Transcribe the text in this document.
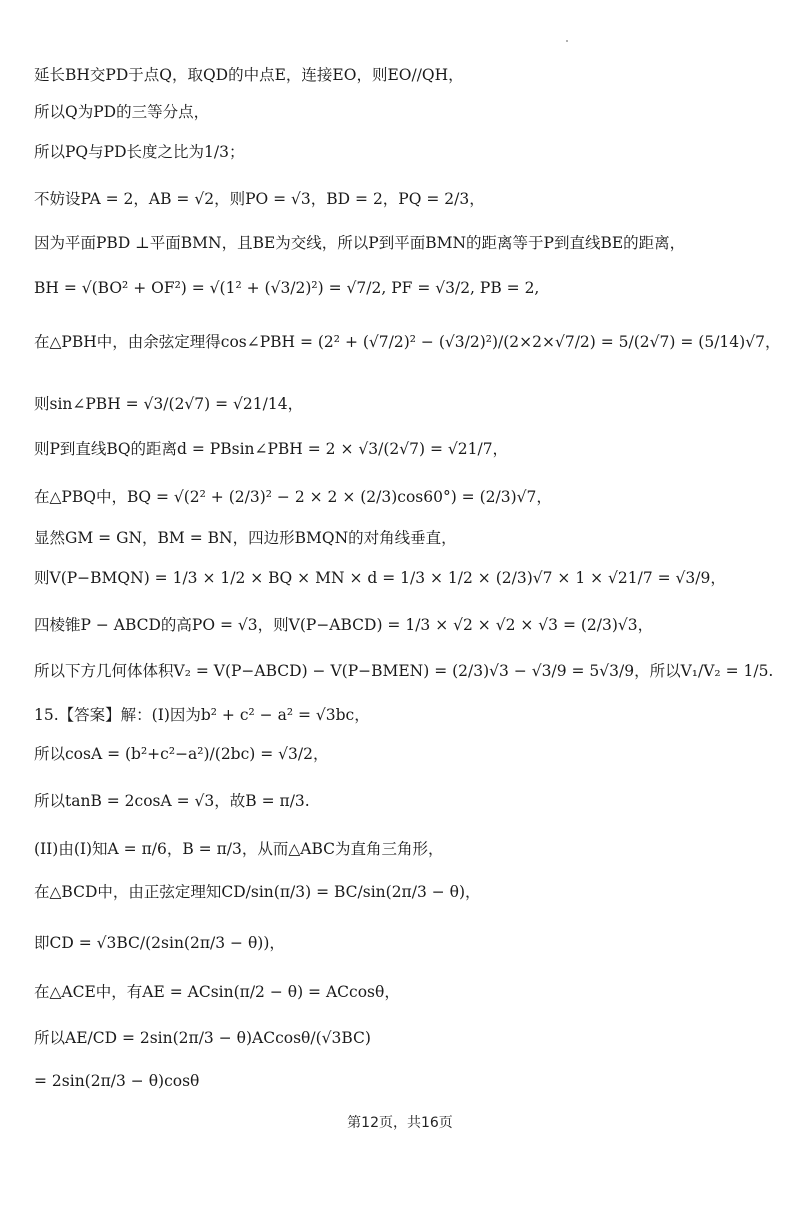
延长BH交PD于点Q，取QD的中点E，连接EO，则EO//QH，
所以Q为PD的三等分点，
所以PQ与PD长度之比为1/3；
不妨设PA = 2，AB = √2，则PO = √3，BD = 2，PQ = 2/3，
因为平面PBD ⊥平面BMN，且BE为交线，所以P到平面BMN的距离等于P到直线BE的距离，
BH = √(BO² + OF²) = √(1² + (√3/2)²) = √7/2, PF = √3/2, PB = 2,
在△PBH中，由余弦定理得cos∠PBH = (2² + (√7/2)² − (√3/2)²)/(2×2×√7/2) = 5/(2√7) = (5/14)√7，
则sin∠PBH = √3/(2√7) = √21/14，
则P到直线BQ的距离d = PBsin∠PBH = 2 × √3/(2√7) = √21/7，
在△PBQ中，BQ = √(2² + (2/3)² − 2 × 2 × (2/3)cos60°) = (2/3)√7，
显然GM = GN，BM = BN，四边形BMQN的对角线垂直，
则V(P−BMQN) = 1/3 × 1/2 × BQ × MN × d = 1/3 × 1/2 × (2/3)√7 × 1 × √21/7 = √3/9，
四棱锥P − ABCD的高PO = √3，则V(P−ABCD) = 1/3 × √2 × √2 × √3 = (2/3)√3，
所以下方几何体体积V₂ = V(P−ABCD) − V(P−BMEN) = (2/3)√3 − √3/9 = 5√3/9，所以V₁/V₂ = 1/5.
15.【答案】解：(I)因为b² + c² − a² = √3bc，
所以cosA = (b²+c²−a²)/(2bc) = √3/2，
所以tanB = 2cosA = √3，故B = π/3.
(II)由(I)知A = π/6，B = π/3，从而△ABC为直角三角形，
在△BCD中，由正弦定理知CD/sin(π/3) = BC/sin(2π/3 − θ)，
即CD = √3BC/(2sin(2π/3 − θ))，
在△ACE中，有AE = ACsin(π/2 − θ) = ACcosθ，
所以AE/CD = 2sin(2π/3 − θ)ACcosθ/(√3BC)
= 2sin(2π/3 − θ)cosθ
第12页，共16页
